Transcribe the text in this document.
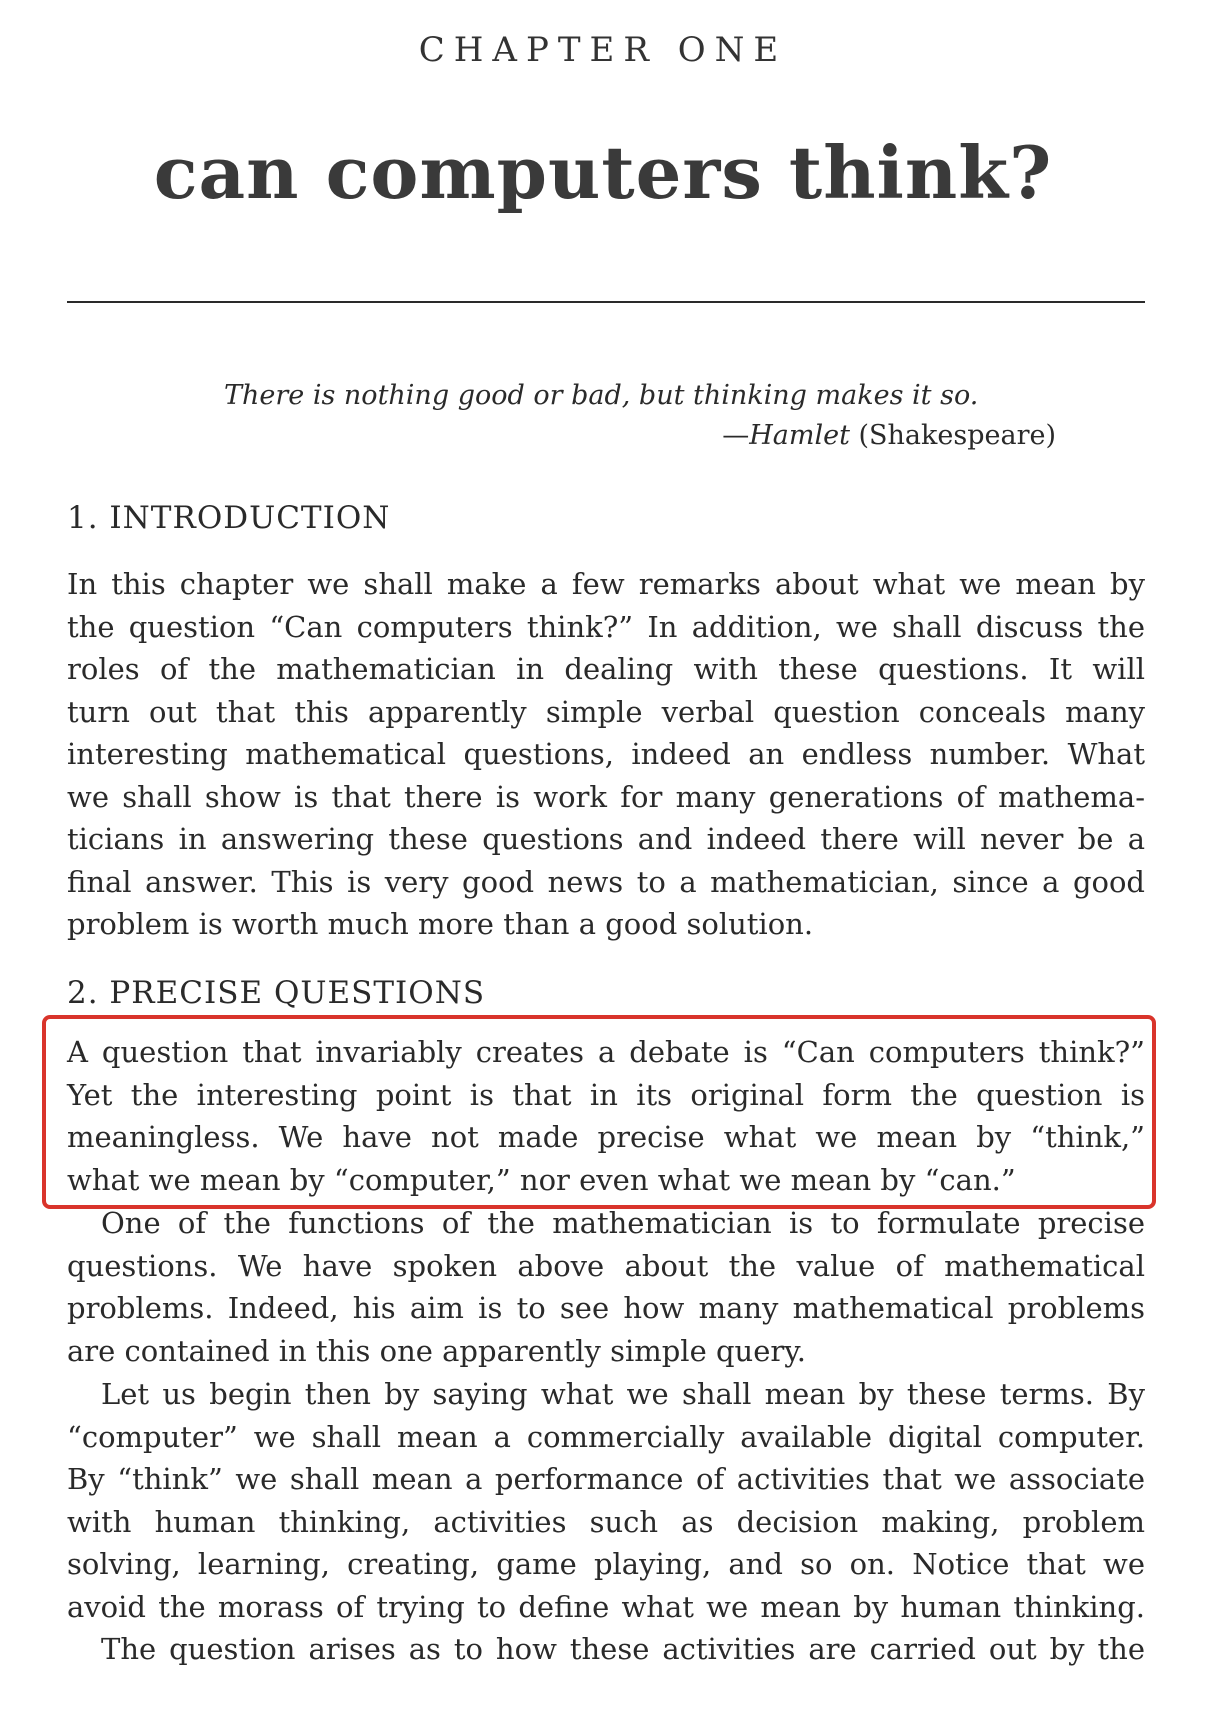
CHAPTER ONE
can computers think?
There is nothing good or bad, but thinking makes it so.
—Hamlet (Shakespeare)
1. INTRODUCTION
In this chapter we shall make a few remarks about what we mean by
the question “Can computers think?” In addition, we shall discuss the
roles of the mathematician in dealing with these questions. It will
turn out that this apparently simple verbal question conceals many
interesting mathematical questions, indeed an endless number. What
we shall show is that there is work for many generations of mathema-
ticians in answering these questions and indeed there will never be a
final answer. This is very good news to a mathematician, since a good
problem is worth much more than a good solution.
2. PRECISE QUESTIONS
A question that invariably creates a debate is “Can computers think?”
Yet the interesting point is that in its original form the question is
meaningless. We have not made precise what we mean by “think,”
what we mean by “computer,” nor even what we mean by “can.”
One of the functions of the mathematician is to formulate precise
questions. We have spoken above about the value of mathematical
problems. Indeed, his aim is to see how many mathematical problems
are contained in this one apparently simple query.
Let us begin then by saying what we shall mean by these terms. By
“computer” we shall mean a commercially available digital computer.
By “think” we shall mean a performance of activities that we associate
with human thinking, activities such as decision making, problem
solving, learning, creating, game playing, and so on. Notice that we
avoid the morass of trying to define what we mean by human thinking.
The question arises as to how these activities are carried out by the
